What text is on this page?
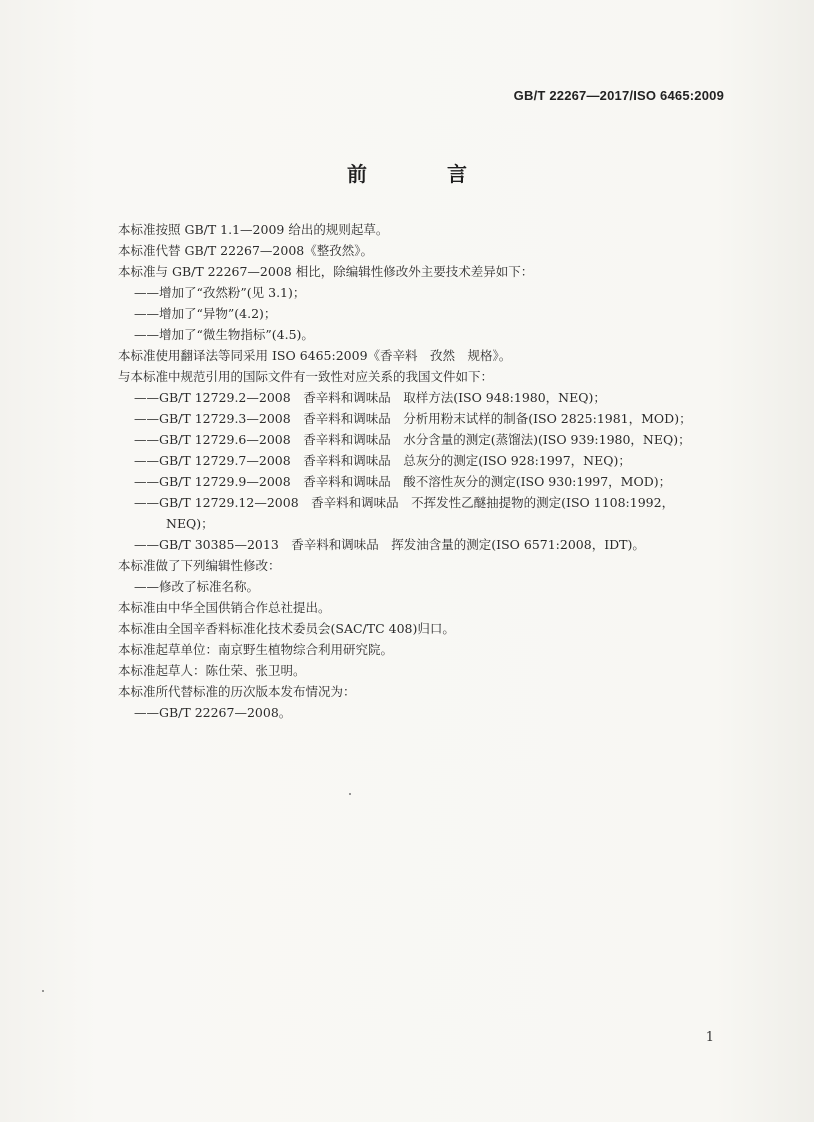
GB/T 22267—2017/ISO 6465:2009
前　言

本标准按照 GB/T 1.1—2009 给出的规则起草。

本标准代替 GB/T 22267—2008《整孜然》。

本标准与 GB/T 22267—2008 相比，除编辑性修改外主要技术差异如下：

——增加了“孜然粉”(见 3.1)；

——增加了“异物”(4.2)；

——增加了“微生物指标”(4.5)。

本标准使用翻译法等同采用 ISO 6465:2009《香辛料　孜然　规格》。

与本标准中规范引用的国际文件有一致性对应关系的我国文件如下：

——GB/T 12729.2—2008　香辛料和调味品　取样方法(ISO 948:1980，NEQ)；

——GB/T 12729.3—2008　香辛料和调味品　分析用粉末试样的制备(ISO 2825:1981，MOD)；

——GB/T 12729.6—2008　香辛料和调味品　水分含量的测定(蒸馏法)(ISO 939:1980，NEQ)；

——GB/T 12729.7—2008　香辛料和调味品　总灰分的测定(ISO 928:1997，NEQ)；

——GB/T 12729.9—2008　香辛料和调味品　酸不溶性灰分的测定(ISO 930:1997，MOD)；

——GB/T 12729.12—2008　香辛料和调味品　不挥发性乙醚抽提物的测定(ISO 1108:1992，

NEQ)；

——GB/T 30385—2013　香辛料和调味品　挥发油含量的测定(ISO 6571:2008，IDT)。

本标准做了下列编辑性修改：

——修改了标准名称。

本标准由中华全国供销合作总社提出。

本标准由全国辛香料标准化技术委员会(SAC/TC 408)归口。

本标准起草单位：南京野生植物综合利用研究院。

本标准起草人：陈仕荣、张卫明。

本标准所代替标准的历次版本发布情况为：

——GB/T 22267—2008。

1
